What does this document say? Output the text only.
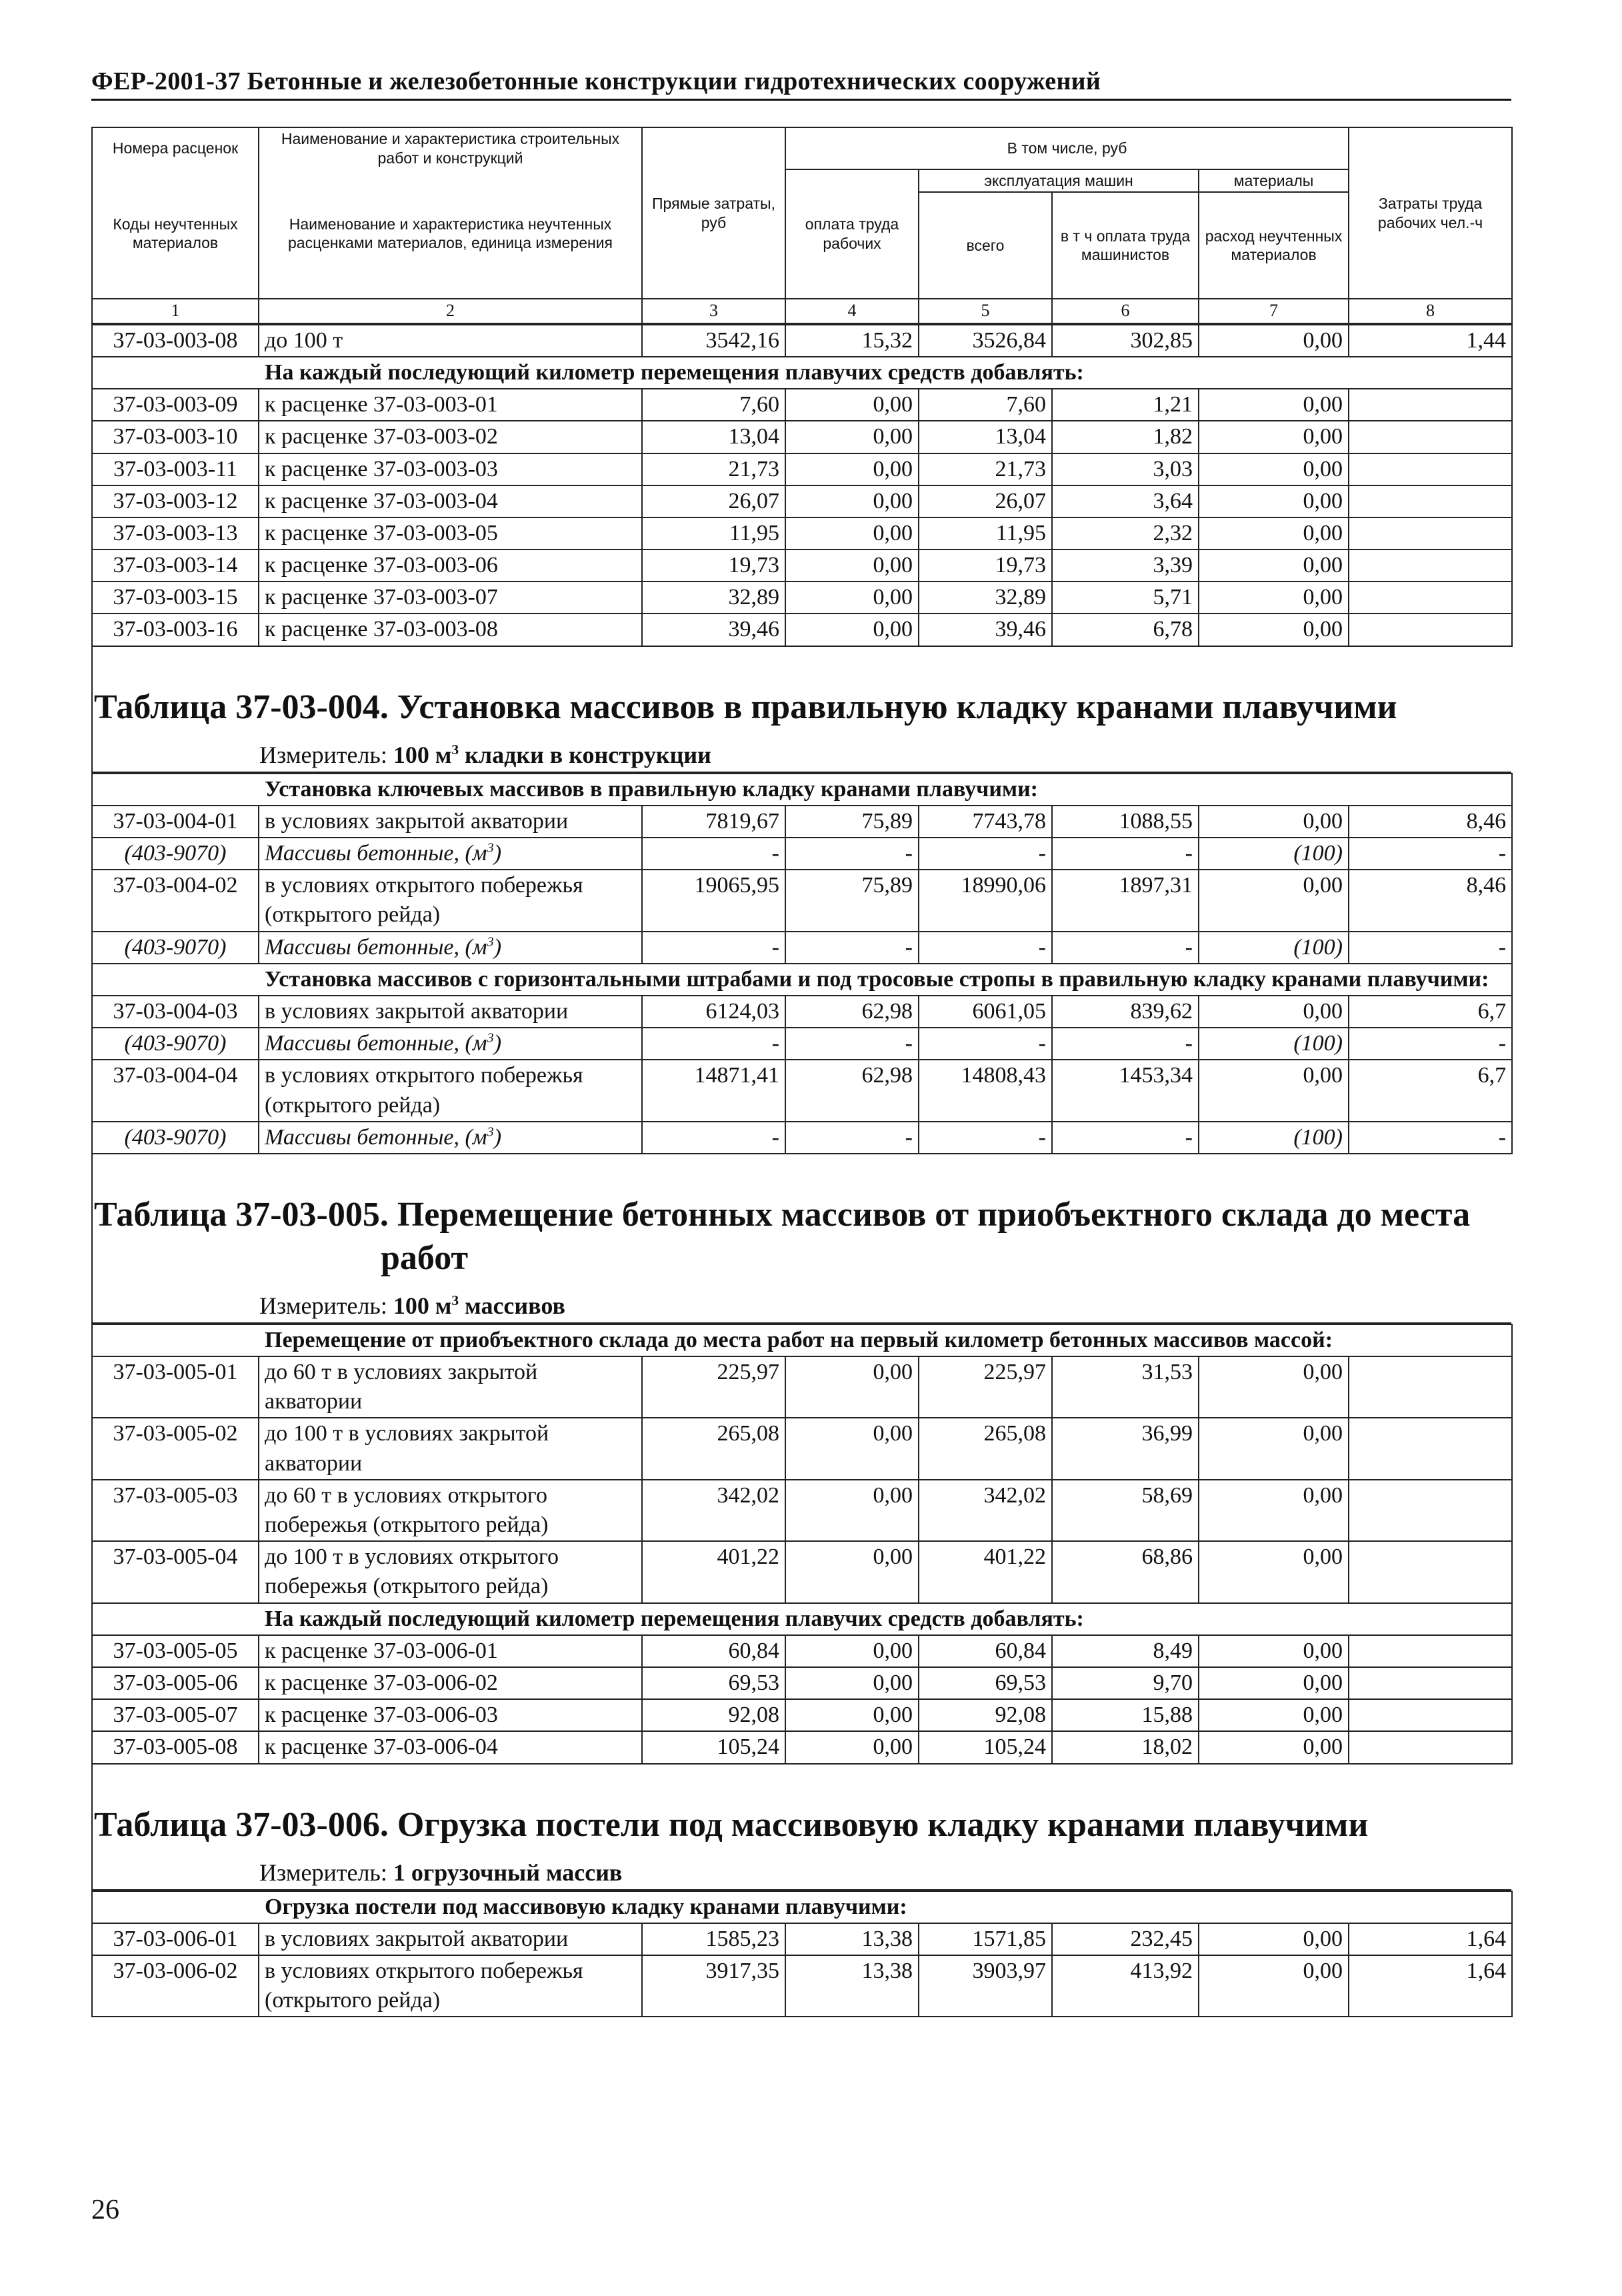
ФЕР-2001-37 Бетонные и железобетонные конструкции гидротехнических сооружений
Номера расценок	Наименование и характеристика строительных работ и конструкций	Прямые затраты, руб	В том числе, руб				Затраты труда рабочих чел.-ч
Коды неучтенных материалов	Наименование и характеристика неучтенных расценками материалов, единица измерения		оплата труда рабочих	эксплуатация машин		материалы	
				всего	в т ч оплата труда машинистов	расход неучтенных материалов	
1	2	3	4	5	6	7	8
37-03-003-08	до 100 т	3542,16	15,32	3526,84	302,85	0,00	1,44
На каждый последующий километр перемещения плавучих средств добавлять:							
37-03-003-09	к расценке 37-03-003-01	7,60	0,00	7,60	1,21	0,00	
37-03-003-10	к расценке 37-03-003-02	13,04	0,00	13,04	1,82	0,00	
37-03-003-11	к расценке 37-03-003-03	21,73	0,00	21,73	3,03	0,00	
37-03-003-12	к расценке 37-03-003-04	26,07	0,00	26,07	3,64	0,00	
37-03-003-13	к расценке 37-03-003-05	11,95	0,00	11,95	2,32	0,00	
37-03-003-14	к расценке 37-03-003-06	19,73	0,00	19,73	3,39	0,00	
37-03-003-15	к расценке 37-03-003-07	32,89	0,00	32,89	5,71	0,00	
37-03-003-16	к расценке 37-03-003-08	39,46	0,00	39,46	6,78	0,00	
Таблица 37-03-004. Установка массивов в правильную кладку кранами плавучими
Измеритель: 100 $м^3$ кладки в конструкции
Установка ключевых массивов в правильную кладку кранами плавучими:							
37-03-004-01	в условиях закрытой акватории	7819,67	75,89	7743,78	1088,55	0,00	8,46
(403-9070)	Массивы бетонные, $(м^3)$	-	-	-	-	(100)	-
37-03-004-02	в условиях открытого побережья (открытого рейда)	19065,95	75,89	18990,06	1897,31	0,00	8,46
(403-9070)	Массивы бетонные, $(м^3)$	-	-	-	-	(100)	-
Установка массивов с горизонтальными штрабами и под тросовые стропы в правильную кладку кранами плавучими:							
37-03-004-03	в условиях закрытой акватории	6124,03	62,98	6061,05	839,62	0,00	6,7
(403-9070)	Массивы бетонные, $(м^3)$	-	-	-	-	(100)	-
37-03-004-04	в условиях открытого побережья (открытого рейда)	14871,41	62,98	14808,43	1453,34	0,00	6,7
(403-9070)	Массивы бетонные, $(м^3)$	-	-	-	-	(100)	-
Таблица 37-03-005. Перемещение бетонных массивов от приобъектного склада до места
работ
Измеритель: 100 $м^3$ массивов
Перемещение от приобъектного склада до места работ на первый километр бетонных массивов массой:							
37-03-005-01	до 60 т в условиях закрытой акватории	225,97	0,00	225,97	31,53	0,00	
37-03-005-02	до 100 т в условиях закрытой акватории	265,08	0,00	265,08	36,99	0,00	
37-03-005-03	до 60 т в условиях открытого побережья (открытого рейда)	342,02	0,00	342,02	58,69	0,00	
37-03-005-04	до 100 т в условиях открытого побережья (открытого рейда)	401,22	0,00	401,22	68,86	0,00	
На каждый последующий километр перемещения плавучих средств добавлять:							
37-03-005-05	к расценке 37-03-006-01	60,84	0,00	60,84	8,49	0,00	
37-03-005-06	к расценке 37-03-006-02	69,53	0,00	69,53	9,70	0,00	
37-03-005-07	к расценке 37-03-006-03	92,08	0,00	92,08	15,88	0,00	
37-03-005-08	к расценке 37-03-006-04	105,24	0,00	105,24	18,02	0,00	
Таблица 37-03-006. Огрузка постели под массивовую кладку кранами плавучими
Измеритель: 1 огрузочный массив
Огрузка постели под массивовую кладку кранами плавучими:							
37-03-006-01	в условиях закрытой акватории	1585,23	13,38	1571,85	232,45	0,00	1,64
37-03-006-02	в условиях открытого побережья (открытого рейда)	3917,35	13,38	3903,97	413,92	0,00	1,64
26
